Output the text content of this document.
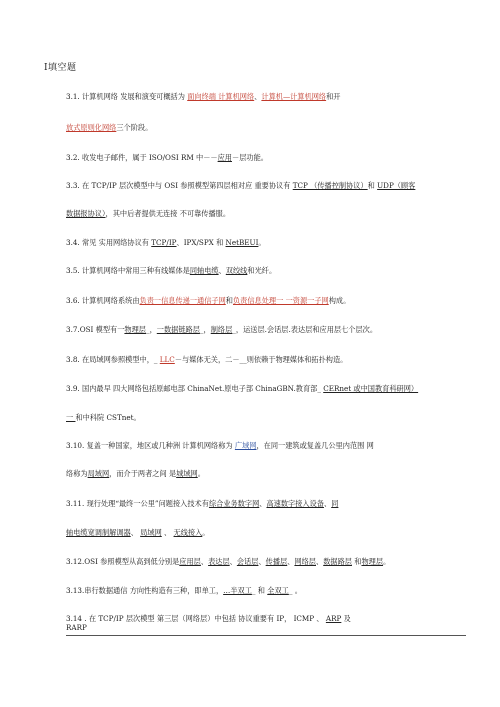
Ⅰ填空题
3.1. 计算机网络 发展和演变可概括为 面向终端 计算机网络、计算机—计算机网络和开
放式原则化网络三个阶段。
3.2. 收发电子邮件，属于 ISO/OSI RM 中－－应用－层功能。
3.3. 在 TCP/IP 层次模型中与 OSI 参照模型第四层相对应 重要协议有 TCP （传播控制协议）和 UDP（顾客
数据报协议），其中后者提供无连接 不可靠传播服。
3.4. 常见 实用网络协议有 TCP/IP、IPX/SPX 和 NetBEUI。
3.5. 计算机网络中常用三种有线媒体是同轴电缆、双绞线和光纤。
3.6. 计算机网络系统由负责一信息传递一通信子网和负责信息处理一 一资源一子网构成。
3.7.OSI 模型有一物理层_，一数据链路层_，制络层_，运送层.会话层.表达层和应用层七个层次。
3.8. 在局域网参照模型中，_ LLC－与媒体无关，二－__则依赖于物理媒体和拓扑构造。
3.9. 国内最早 四大网络包括原邮电部 ChinaNet.原电子部 ChinaGBN.教育部_ CERnet 或中国教育科研网）
一 和中科院 CSTnet。
3.10. 复盖一种国家，地区或几种洲 计算机网络称为 广域网，在同一建筑或复盖几公里内范围 网
络称为局域网，而介于两者之间 是城域网。
3.11. 现行处理“最终一公里”问题接入技术有综合业务数字网、高速数字接入设备、同
轴电缆宽调制解调器、 局域网 、 无线接入。
3.12.OSI 参照模型从高到低分别是应用层、表达层、会话层、传播层、网络层、数据路层 和物理层。
3.13.串行数据通信 方向性构造有三种，即单工，…半双工_ 和 全双工_ 。
3.14 . 在 TCP/IP 层次模型 第三层（网络层）中包括 协议重要有 IP， ICMP 、 ARP 及
RARP
